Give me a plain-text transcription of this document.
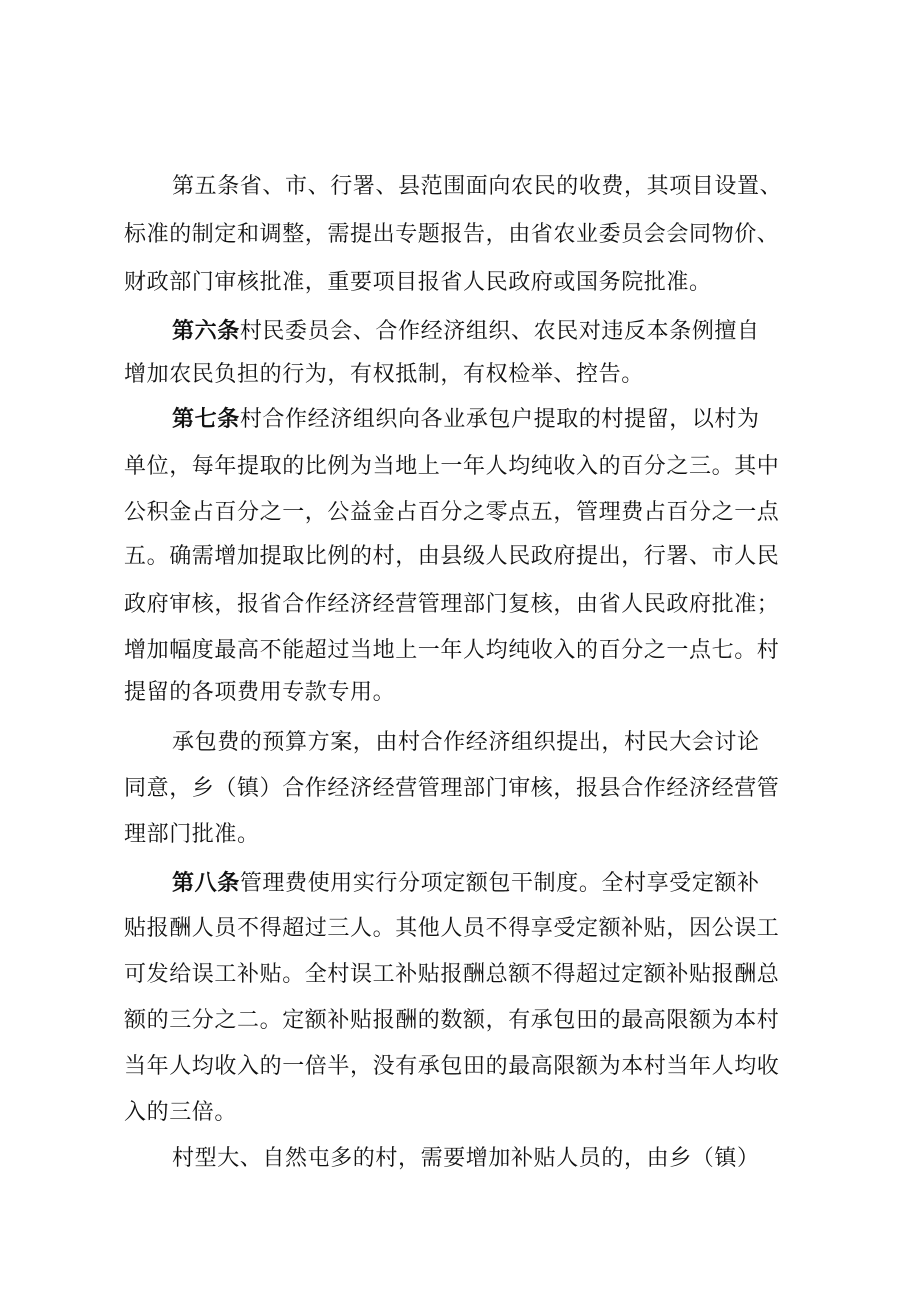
第五条省、市、行署、县范围面向农民的收费，其项目设置、
标准的制定和调整，需提出专题报告，由省农业委员会会同物价、
财政部门审核批准，重要项目报省人民政府或国务院批准。
第六条村民委员会、合作经济组织、农民对违反本条例擅自
增加农民负担的行为，有权抵制，有权检举、控告。
第七条村合作经济组织向各业承包户提取的村提留，以村为
单位，每年提取的比例为当地上一年人均纯收入的百分之三。其中
公积金占百分之一，公益金占百分之零点五，管理费占百分之一点
五。确需增加提取比例的村，由县级人民政府提出，行署、市人民
政府审核，报省合作经济经营管理部门复核，由省人民政府批准；
增加幅度最高不能超过当地上一年人均纯收入的百分之一点七。村
提留的各项费用专款专用。
承包费的预算方案，由村合作经济组织提出，村民大会讨论
同意，乡（镇）合作经济经营管理部门审核，报县合作经济经营管
理部门批准。
第八条管理费使用实行分项定额包干制度。全村享受定额补
贴报酬人员不得超过三人。其他人员不得享受定额补贴，因公误工
可发给误工补贴。全村误工补贴报酬总额不得超过定额补贴报酬总
额的三分之二。定额补贴报酬的数额，有承包田的最高限额为本村
当年人均收入的一倍半，没有承包田的最高限额为本村当年人均收
入的三倍。
村型大、自然屯多的村，需要增加补贴人员的，由乡（镇）
